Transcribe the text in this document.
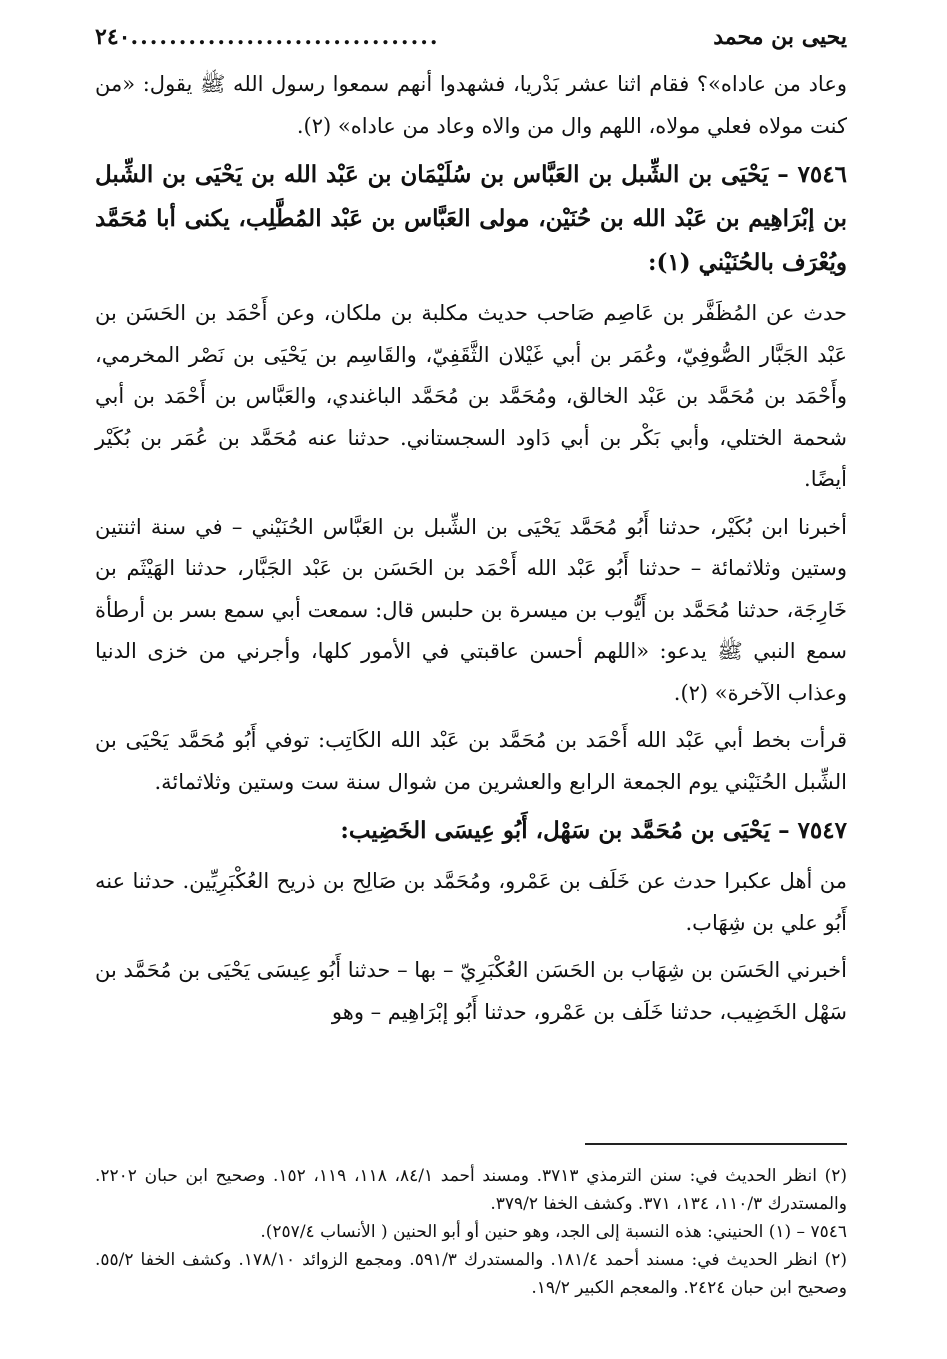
يحيى بن محمد
................................
٢٤٠

وعاد من عاداه»؟ فقام اثنا عشر بَدْريا، فشهدوا أنهم سمعوا رسول الله ﷺ يقول: «من كنت مولاه فعلي مولاه، اللهم وال من والاه وعاد من عاداه» (٢).

٧٥٤٦ – يَحْيَى بن الشِّبل بن العَبَّاس بن سُلَيْمَان بن عَبْد الله بن يَحْيَى بن الشِّبل بن إبْرَاهِيم بن عَبْد الله بن حُنَيْن، مولى العَبَّاس بن عَبْد المُطَّلِب، يكنى أبا مُحَمَّد ويُعْرَف بالحُنَيْني (١):

حدث عن المُظَفَّر بن عَاصِم صَاحب حديث مكلبة بن ملكان، وعن أَحْمَد بن الحَسَن بن عَبْد الجَبَّار الصُّوفِيّ، وعُمَر بن أبي غَيْلان الثَّقَفِيّ، والقَاسِم بن يَحْيَى بن نَصْر المخرمي، وأَحْمَد بن مُحَمَّد بن عَبْد الخالق، ومُحَمَّد بن مُحَمَّد الباغندي، والعَبَّاس بن أَحْمَد بن أبي شحمة الختلي، وأبي بَكْر بن أبي دَاود السجستاني. حدثنا عنه مُحَمَّد بن عُمَر بن بُكَيْر أيضًا.

أخبرنا ابن بُكَيْر، حدثنا أَبُو مُحَمَّد يَحْيَى بن الشِّبل بن العَبَّاس الحُنَيْني – في سنة اثنتين وستين وثلاثمائة – حدثنا أَبُو عَبْد الله أَحْمَد بن الحَسَن بن عَبْد الجَبَّار، حدثنا الهَيْثَم بن خَارِجَة، حدثنا مُحَمَّد بن أَيُّوب بن ميسرة بن حلبس قال: سمعت أبي سمع بسر بن أرطأة سمع النبي ﷺ يدعو: «اللهم أحسن عاقبتي في الأمور كلها، وأجرني من خزى الدنيا وعذاب الآخرة» (٢).

قرأت بخط أبي عَبْد الله أَحْمَد بن مُحَمَّد بن عَبْد الله الكَاتِب: توفي أَبُو مُحَمَّد يَحْيَى بن الشِّبل الحُنَيْني يوم الجمعة الرابع والعشرين من شوال سنة ست وستين وثلاثمائة.

٧٥٤٧ – يَحْيَى بن مُحَمَّد بن سَهْل، أَبُو عِيسَى الخَضِيب:

من أهل عكبرا حدث عن خَلَف بن عَمْرو، ومُحَمَّد بن صَالِح بن ذريح العُكْبَرِيِّين. حدثنا عنه أَبُو علي بن شِهَاب.

أخبرني الحَسَن بن شِهَاب بن الحَسَن العُكْبَرِيّ – بها – حدثنا أَبُو عِيسَى يَحْيَى بن مُحَمَّد بن سَهْل الخَضِيب، حدثنا خَلَف بن عَمْرو، حدثنا أَبُو إبْرَاهِيم – وهو

(٢) انظر الحديث في: سنن الترمذي ٣٧١٣. ومسند أحمد ٨٤/١، ١١٨، ١١٩، ١٥٢. وصحيح ابن حبان ٢٢٠٢. والمستدرك ١١٠/٣، ١٣٤، ٣٧١. وكشف الخفا ٣٧٩/٢.

٧٥٤٦ – (١) الحنيني: هذه النسبة إلى الجد، وهو حنين أو أبو الحنين ( الأنساب ٢٥٧/٤).

(٢) انظر الحديث في: مسند أحمد ١٨١/٤. والمستدرك ٥٩١/٣. ومجمع الزوائد ١٧٨/١٠. وكشف الخفا ٥٥/٢. وصحيح ابن حبان ٢٤٢٤. والمعجم الكبير ١٩/٢.
